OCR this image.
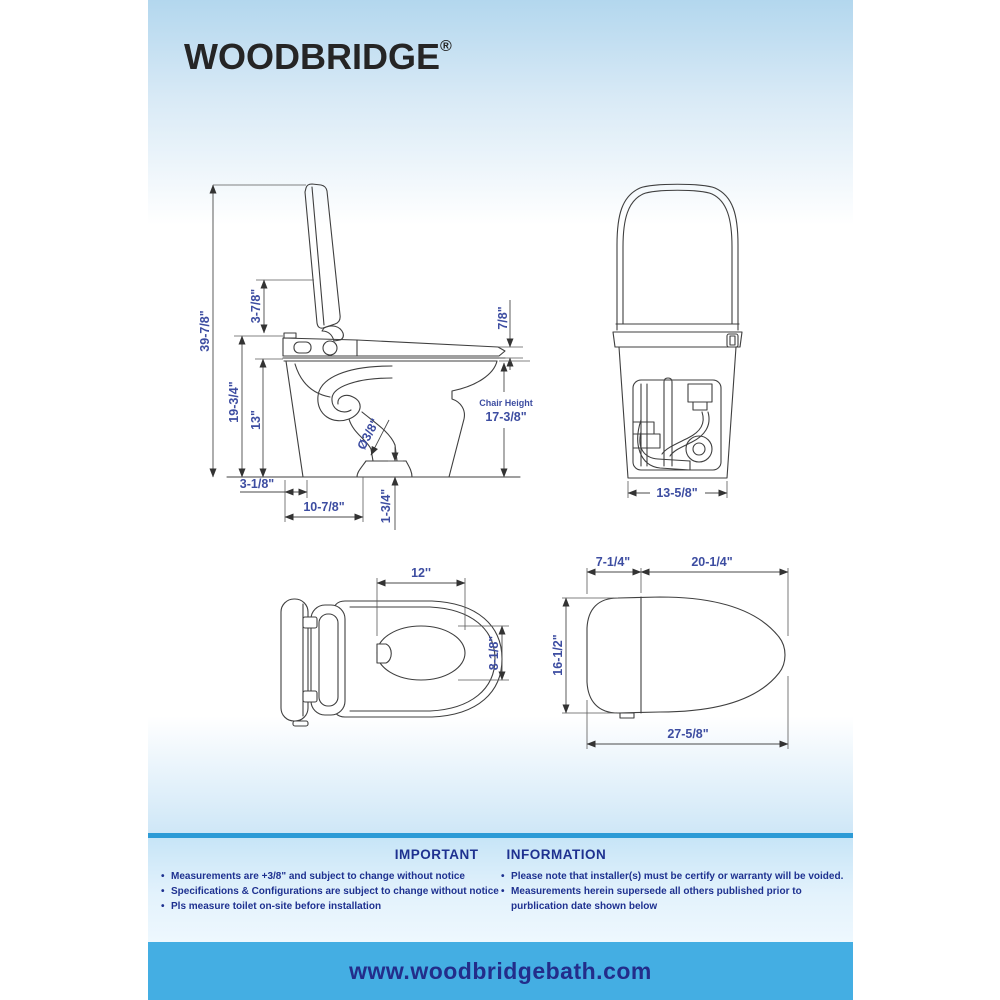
WOODBRIDGE®
39-7/8"
3-7/8"
19-3/4" 13"
7/8"
Chair Height
17-3/8"
Ø3/8"
3-1/8"
10-7/8"	1-3/4"	13-5/8"
12''
8-1/8"
7-1/4"	20-1/4"
16-1/2"
27-5/8"
IMPORTANT INFORMATION
• Measurements are +3/8" and subject to change without notice
• Specifications & Configurations are subject to change without notice
• Pls measure toilet on-site before installation
• Please note that installer(s) must be certify or warranty will be voided.
• Measurements herein supersede all others published prior to purblication date shown below
www.woodbridgebath.com
